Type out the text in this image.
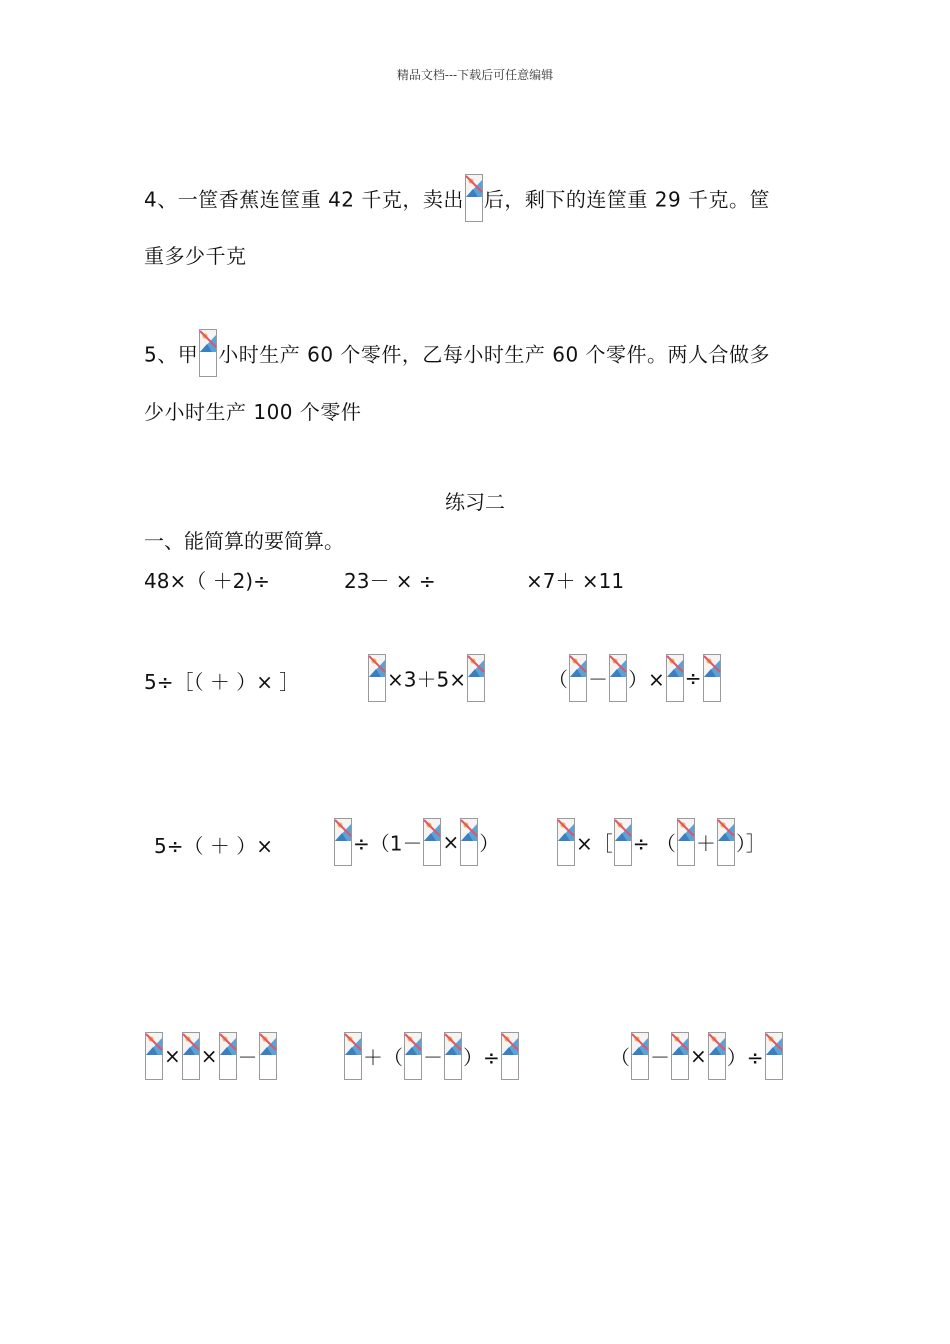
精品文档---下载后可任意编辑
4、一筐香蕉连筐重 42 千克，卖出 后，剩下的连筐重 29 千克。筐
重多少千克
5、甲 小时生产 60 个零件，乙每小时生产 60 个零件。两人合做多
少小时生产 100 个零件
练习二
一、能简算的要简算。
48×（ ＋2)÷	23－ × ÷	×7＋ ×11
5÷［（ ＋ ）× ］	×3＋5×	（ － ）× ÷
5÷（ ＋ ）×	÷（1－ × ）	×［ ÷ （ ＋ ）］
× × －	＋（ － ）÷	（ － × ）÷
